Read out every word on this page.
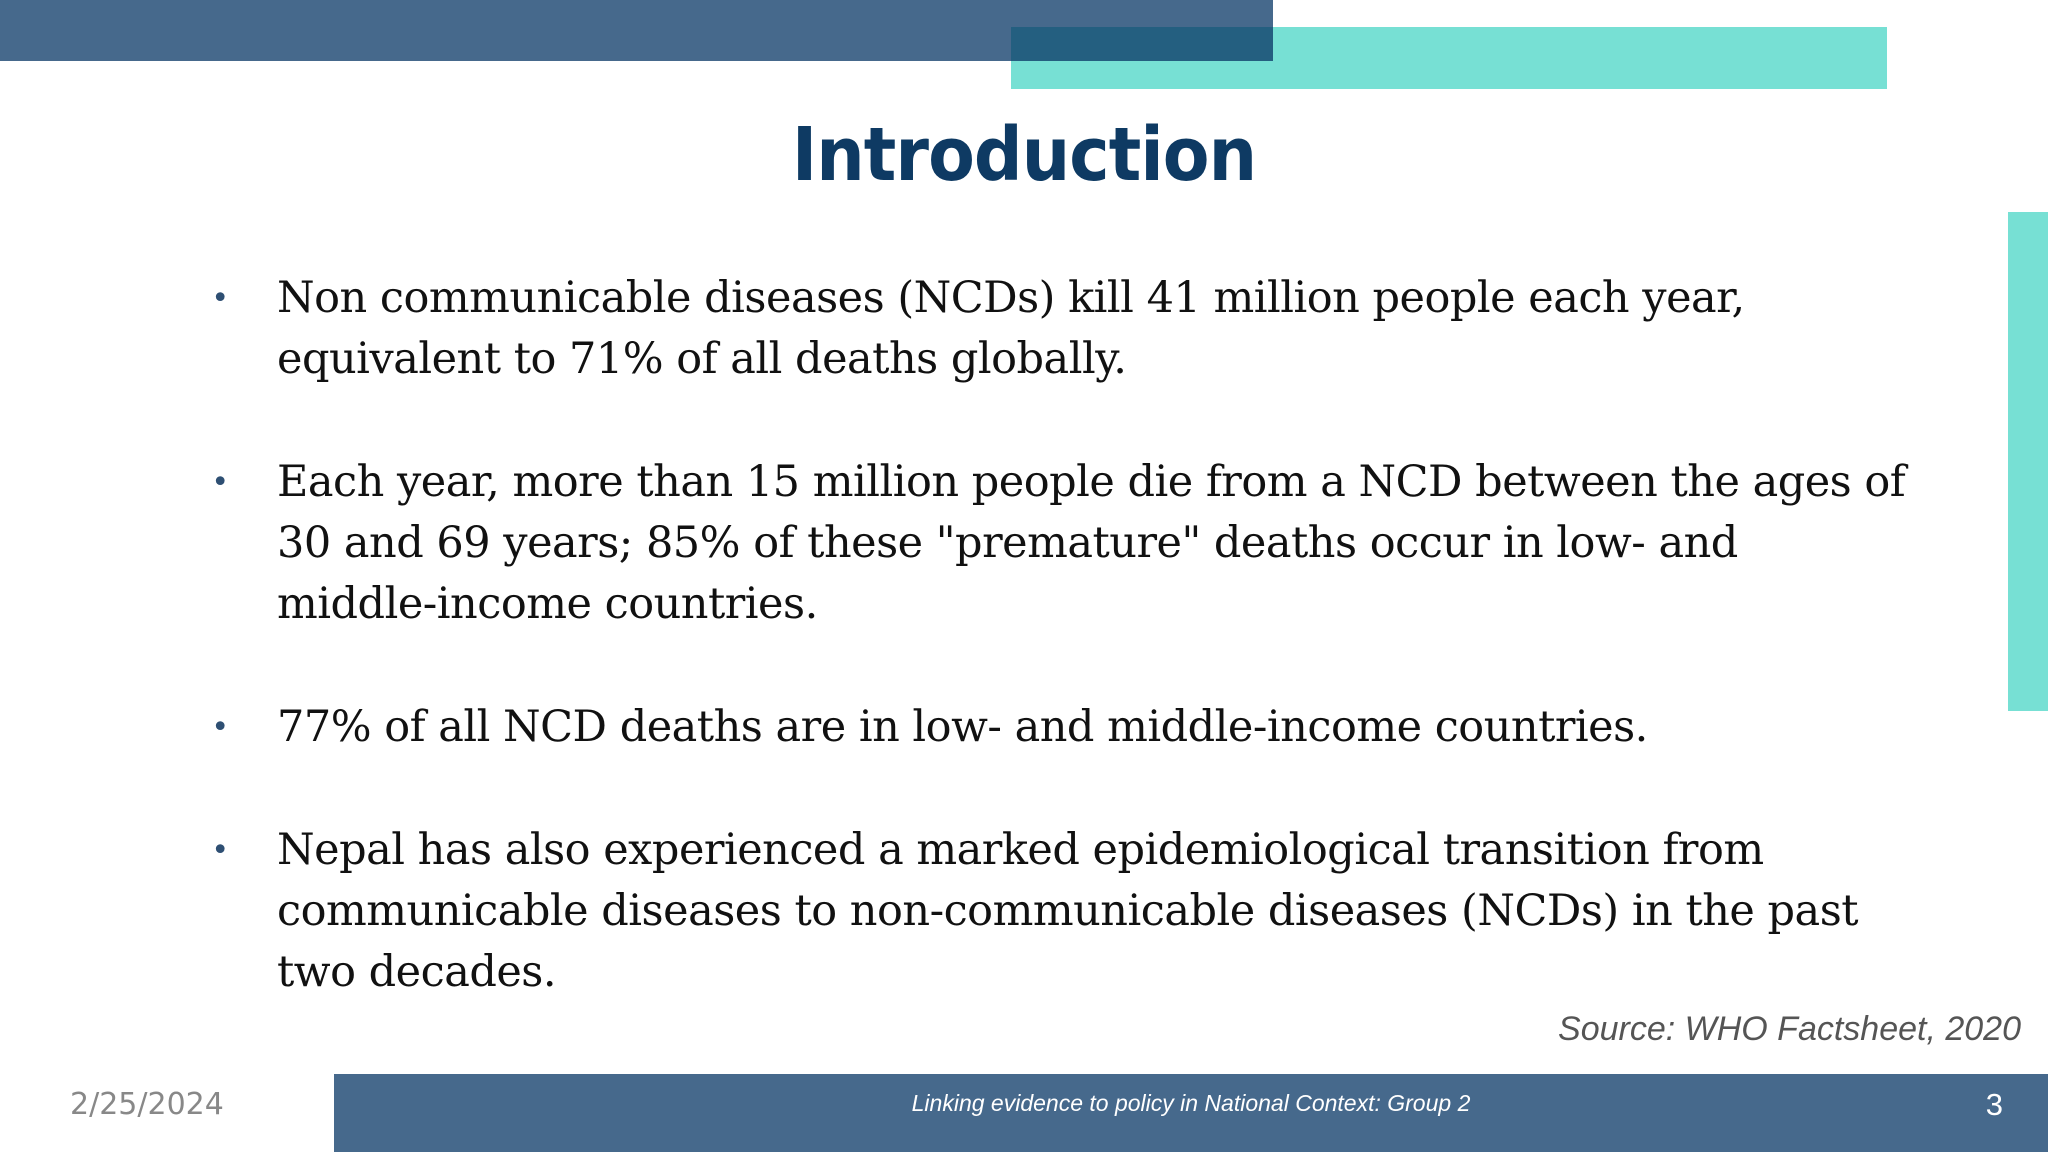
Introduction
• Non communicable diseases (NCDs) kill 41 million people each year, equivalent to 71% of all deaths globally.
• Each year, more than 15 million people die from a NCD between the ages of 30 and 69 years; 85% of these "premature" deaths occur in low- and middle-income countries.
• 77% of all NCD deaths are in low- and middle-income countries.
• Nepal has also experienced a marked epidemiological transition from communicable diseases to non-communicable diseases (NCDs) in the past two decades.
Source: WHO Factsheet, 2020
2/25/2024	Linking evidence to policy in National Context: Group 2	3
